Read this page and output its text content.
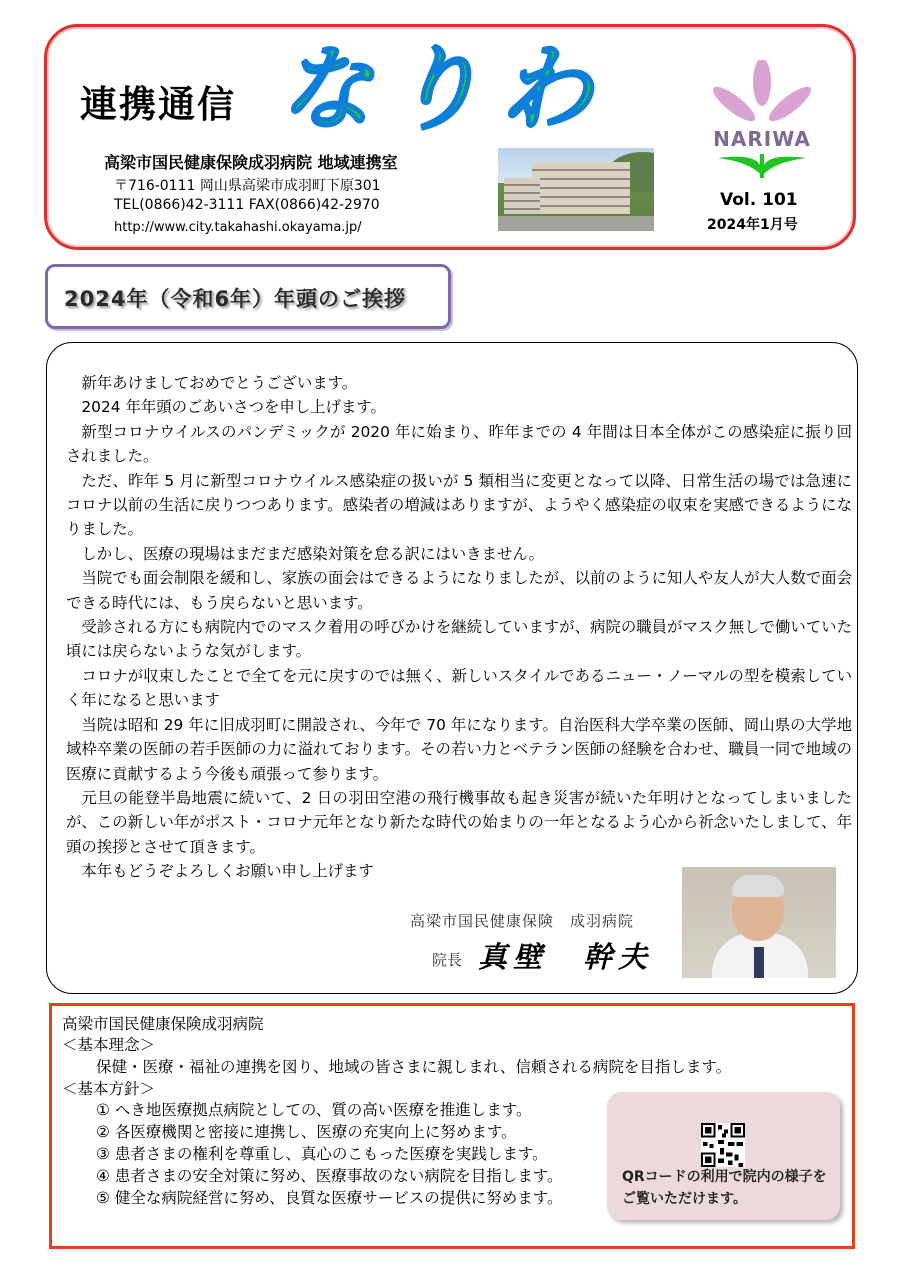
連携通信 なりわ
高梁市国民健康保険成羽病院 地域連携室
〒716-0111 岡山県高梁市成羽町下原301
TEL(0866)42-3111 FAX(0866)42-2970
http://www.city.takahashi.okayama.jp/
NARIWA
Vol. 101
2024年1月号
2024年（令和6年）年頭のご挨拶

新年あけましておめでとうございます。

2024 年年頭のごあいさつを申し上げます。

新型コロナウイルスのパンデミックが 2020 年に始まり、昨年までの 4 年間は日本全体がこの感染症に振り回されました。

ただ、昨年 5 月に新型コロナウイルス感染症の扱いが 5 類相当に変更となって以降、日常生活の場では急速にコロナ以前の生活に戻りつつあります。感染者の増減はありますが、ようやく感染症の収束を実感できるようになりました。

しかし、医療の現場はまだまだ感染対策を怠る訳にはいきません。

当院でも面会制限を緩和し、家族の面会はできるようになりましたが、以前のように知人や友人が大人数で面会できる時代には、もう戻らないと思います。

受診される方にも病院内でのマスク着用の呼びかけを継続していますが、病院の職員がマスク無しで働いていた頃には戻らないような気がします。

コロナが収束したことで全てを元に戻すのでは無く、新しいスタイルであるニュー・ノーマルの型を模索していく年になると思います

当院は昭和 29 年に旧成羽町に開設され、今年で 70 年になります。自治医科大学卒業の医師、岡山県の大学地域枠卒業の医師の若手医師の力に溢れております。その若い力とベテラン医師の経験を合わせ、職員一同で地域の医療に貢献するよう今後も頑張って参ります。

元旦の能登半島地震に続いて、2 日の羽田空港の飛行機事故も起き災害が続いた年明けとなってしまいましたが、この新しい年がポスト・コロナ元年となり新たな時代の始まりの一年となるよう心から祈念いたしまして、年頭の挨拶とさせて頂きます。

本年もどうぞよろしくお願い申し上げます

高梁市国民健康保険　成羽病院
院長 真壁　幹夫
高梁市国民健康保険成羽病院
＜基本理念＞
保健・医療・福祉の連携を図り、地域の皆さまに親しまれ、信頼される病院を目指します。
＜基本方針＞
① へき地医療拠点病院としての、質の高い医療を推進します。
② 各医療機関と密接に連携し、医療の充実向上に努めます。
③ 患者さまの権利を尊重し、真心のこもった医療を実践します。
④ 患者さまの安全対策に努め、医療事故のない病院を目指します。
⑤ 健全な病院経営に努め、良質な医療サービスの提供に努めます。
QRコードの利用で院内の様子をご覧いただけます。
